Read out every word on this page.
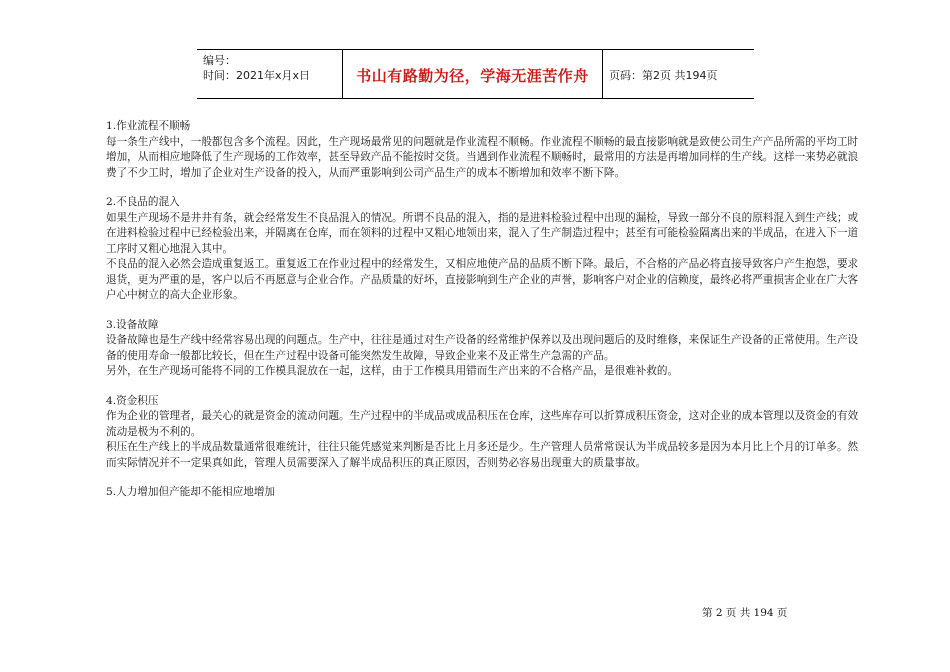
编号：
时间：2021年x月x日	书山有路勤为径，学海无涯苦作舟	页码：第2页 共194页
1.作业流程不顺畅

每一条生产线中，一般都包含多个流程。因此，生产现场最常见的问题就是作业流程不顺畅。作业流程不顺畅的最直接影响就是致使公司生产产品所需的平均工时增加，从而相应地降低了生产现场的工作效率，甚至导致产品不能按时交货。当遇到作业流程不顺畅时，最常用的方法是再增加同样的生产线。这样一来势必就浪费了不少工时，增加了企业对生产设备的投入，从而严重影响到公司产品生产的成本不断增加和效率不断下降。

2.不良品的混入

如果生产现场不是井井有条，就会经常发生不良品混入的情况。所谓不良品的混入，指的是进料检验过程中出现的漏检，导致一部分不良的原料混入到生产线；或在进料检验过程中已经检验出来，并隔离在仓库，而在领料的过程中又粗心地领出来，混入了生产制造过程中；甚至有可能检验隔离出来的半成品，在进入下一道工序时又粗心地混入其中。

不良品的混入必然会造成重复返工。重复返工在作业过程中的经常发生，又相应地使产品的品质不断下降。最后，不合格的产品必将直接导致客户产生抱怨，要求退货，更为严重的是，客户以后不再愿意与企业合作。产品质量的好坏，直接影响到生产企业的声誉，影响客户对企业的信赖度，最终必将严重损害企业在广大客户心中树立的高大企业形象。

3.设备故障

设备故障也是生产线中经常容易出现的问题点。生产中，往往是通过对生产设备的经常维护保养以及出现问题后的及时维修，来保证生产设备的正常使用。生产设备的使用寿命一般都比较长，但在生产过程中设备可能突然发生故障，导致企业来不及正常生产急需的产品。

另外，在生产现场可能将不同的工作模具混放在一起，这样，由于工作模具用错而生产出来的不合格产品，是很难补救的。

4.资金积压

作为企业的管理者，最关心的就是资金的流动问题。生产过程中的半成品或成品积压在仓库，这些库存可以折算成积压资金，这对企业的成本管理以及资金的有效流动是极为不利的。

积压在生产线上的半成品数量通常很难统计，往往只能凭感觉来判断是否比上月多还是少。生产管理人员常常误认为半成品较多是因为本月比上个月的订单多。然而实际情况并不一定果真如此，管理人员需要深入了解半成品积压的真正原因，否则势必容易出现重大的质量事故。

5.人力增加但产能却不能相应地增加
第 2 页 共 194 页
